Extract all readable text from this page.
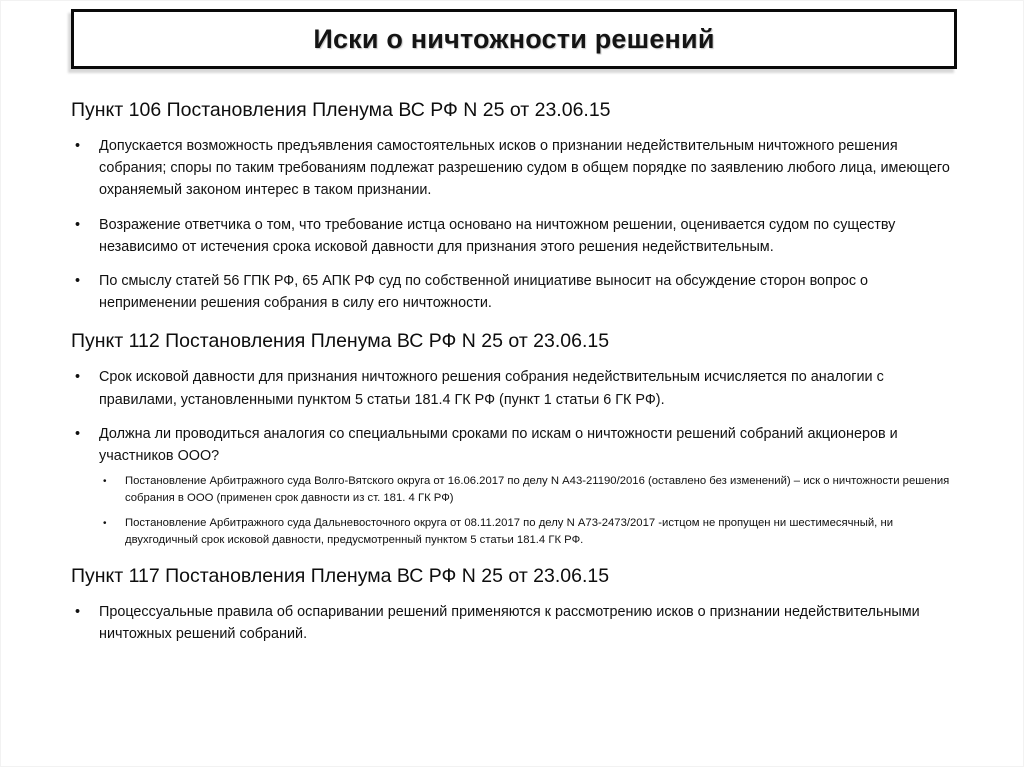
Иски о ничтожности решений
Пункт 106 Постановления Пленума ВС РФ N 25 от 23.06.15
• Допускается возможность предъявления самостоятельных исков о признании недействительным ничтожного решения собрания; споры по таким требованиям подлежат разрешению судом в общем порядке по заявлению любого лица, имеющего охраняемый законом интерес в таком признании.
• Возражение ответчика о том, что требование истца основано на ничтожном решении, оценивается судом по существу независимо от истечения срока исковой давности для признания этого решения недействительным.
• По смыслу статей 56 ГПК РФ, 65 АПК РФ суд по собственной инициативе выносит на обсуждение сторон вопрос о неприменении решения собрания в силу его ничтожности.
Пункт 112 Постановления Пленума ВС РФ N 25 от 23.06.15
• Срок исковой давности для признания ничтожного решения собрания недействительным исчисляется по аналогии с правилами, установленными пунктом 5 статьи 181.4 ГК РФ (пункт 1 статьи 6 ГК РФ).
• Должна ли проводиться аналогия со специальными сроками по искам о ничтожности решений собраний акционеров и участников ООО?
• Постановление Арбитражного суда Волго-Вятского округа от 16.06.2017 по делу N А43-21190/2016 (оставлено без изменений) – иск о ничтожности решения собрания в ООО (применен срок давности из ст. 181. 4 ГК РФ)
• Постановление Арбитражного суда Дальневосточного округа от 08.11.2017 по делу N А73-2473/2017 -истцом не пропущен ни шестимесячный, ни двухгодичный срок исковой давности, предусмотренный пунктом 5 статьи 181.4 ГК РФ.
Пункт 117 Постановления Пленума ВС РФ N 25 от 23.06.15
• Процессуальные правила об оспаривании решений применяются к рассмотрению исков о признании недействительными ничтожных решений собраний.
